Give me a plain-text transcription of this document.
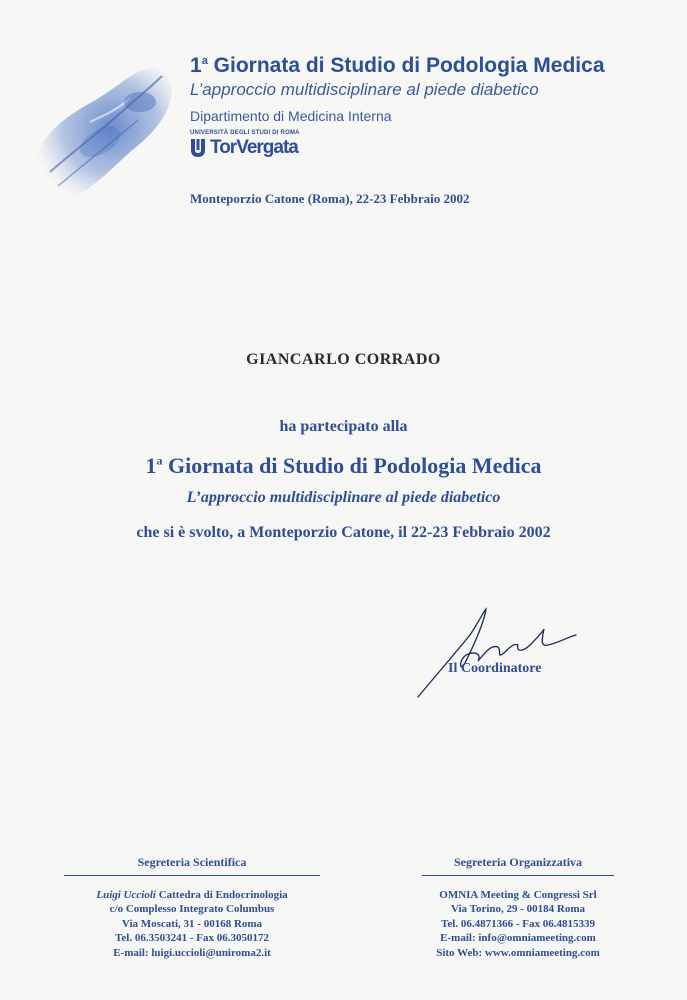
1$^a$ Giornata di Studio di Podologia Medica
L’approccio multidisciplinare al piede diabetico
Dipartimento di Medicina Interna
UNIVERSITÀ DEGLI STUDI DI ROMA
TorVergata
Monteporzio Catone (Roma), 22-23 Febbraio 2002
GIANCARLO CORRADO
ha partecipato alla
1$^a$ Giornata di Studio di Podologia Medica
L’approccio multidisciplinare al piede diabetico
che si è svolto, a Monteporzio Catone, il 22-23 Febbraio 2002
Il Coordinatore
Segreteria Scientifica
Luigi Uccioli Cattedra di Endocrinologia
c/o Complesso Integrato Columbus
Via Moscati, 31 - 00168 Roma
Tel. 06.3503241 - Fax 06.3050172
E-mail: luigi.uccioli@uniroma2.it
Segreteria Organizzativa
OMNIA Meeting & Congressi Srl
Via Torino, 29 - 00184 Roma
Tel. 06.4871366 - Fax 06.4815339
E-mail: info@omniameeting.com
Sito Web: www.omniameeting.com
